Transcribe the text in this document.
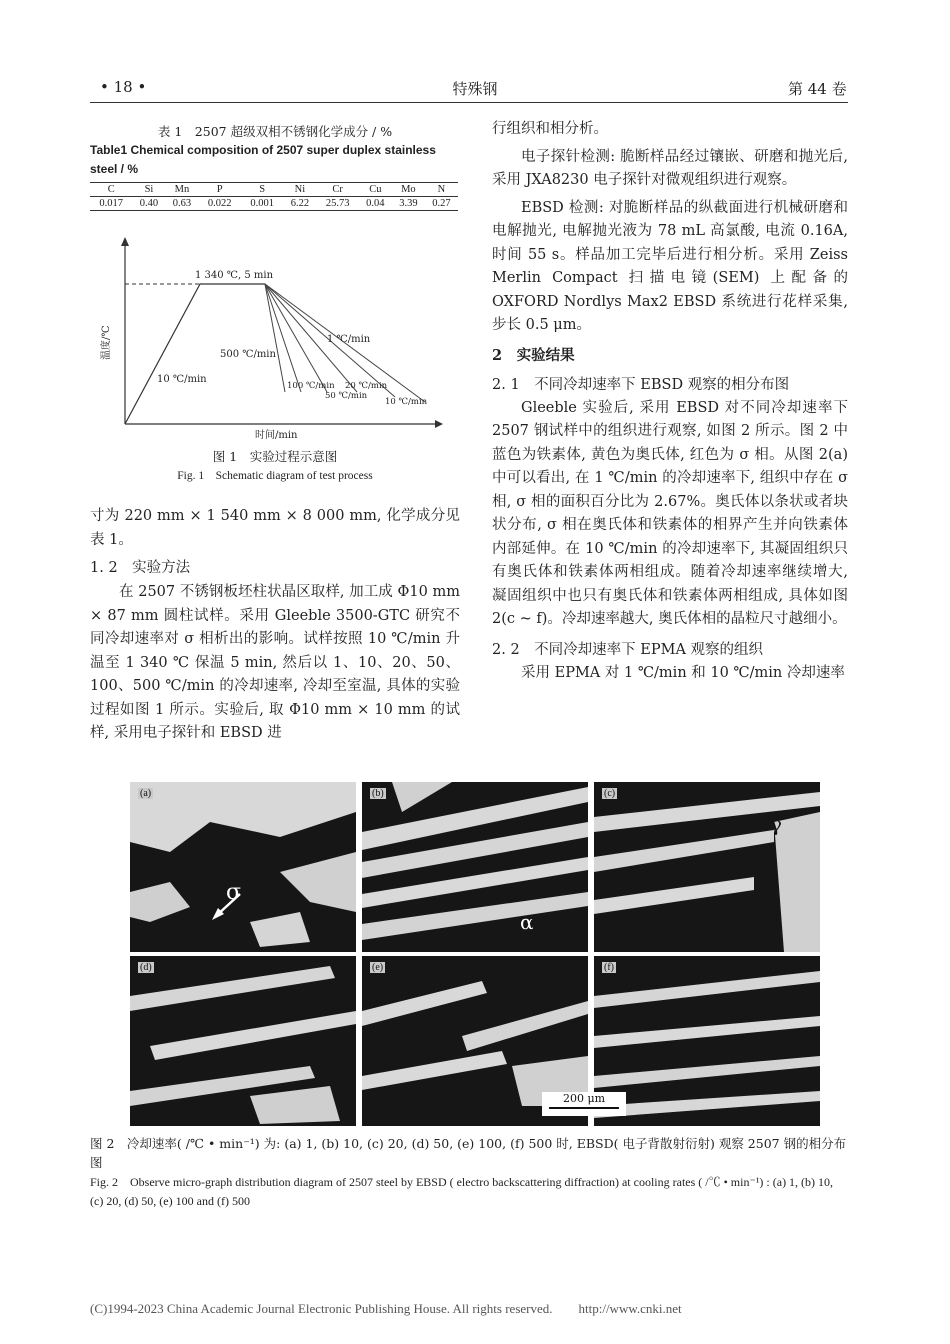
• 18 •	特殊钢	第 44 卷
表 1　2507 超级双相不锈钢化学成分 / %
Table1 Chemical composition of 2507 super duplex stainless steel / %
C	Si	Mn	P	S	Ni	Cr	Cu	Mo	N
0.017	0.40	0.63	0.022	0.001	6.22	25.73	0.04	3.39	0.27
1 340 ℃, 5 min
10 ℃/min
500 ℃/min
1 ℃/min
100 ℃/min
50 ℃/min
20 ℃/min
10 ℃/min
温度/℃
时间/min
图 1　实验过程示意图
Fig. 1　Schematic diagram of test process

寸为 220 mm × 1 540 mm × 8 000 mm, 化学成分见表 1。

1. 2　实验方法

在 2507 不锈钢板坯柱状晶区取样, 加工成 Φ10 mm × 87 mm 圆柱试样。采用 Gleeble 3500-GTC 研究不同冷却速率对 σ 相析出的影响。试样按照 10 ℃/min 升温至 1 340 ℃ 保温 5 min, 然后以 1、10、20、50、100、500 ℃/min 的冷却速率, 冷却至室温, 具体的实验过程如图 1 所示。实验后, 取 Φ10 mm × 10 mm 的试样, 采用电子探针和 EBSD 进

行组织和相分析。

电子探针检测: 脆断样品经过镶嵌、研磨和抛光后, 采用 JXA8230 电子探针对微观组织进行观察。

EBSD 检测: 对脆断样品的纵截面进行机械研磨和电解抛光, 电解抛光液为 78 mL 高氯酸, 电流 0.16A, 时间 55 s。样品加工完毕后进行相分析。采用 Zeiss Merlin Compact 扫描电镜(SEM) 上配备的 OXFORD Nordlys Max2 EBSD 系统进行花样采集, 步长 0.5 μm。

2　实验结果

2. 1　不同冷却速率下 EBSD 观察的相分布图

Gleeble 实验后, 采用 EBSD 对不同冷却速率下 2507 钢试样中的组织进行观察, 如图 2 所示。图 2 中蓝色为铁素体, 黄色为奥氏体, 红色为 σ 相。从图 2(a) 中可以看出, 在 1 ℃/min 的冷却速率下, 组织中存在 σ 相, σ 相的面积百分比为 2.67%。奥氏体以条状或者块状分布, σ 相在奥氏体和铁素体的相界产生并向铁素体内部延伸。在 10 ℃/min 的冷却速率下, 其凝固组织只有奥氏体和铁素体两相组成。随着冷却速率继续增大, 凝固组织中也只有奥氏体和铁素体两相组成, 具体如图 2(c ~ f)。冷却速率越大, 奥氏体相的晶粒尺寸越细小。

2. 2　不同冷却速率下 EPMA 观察的组织

采用 EPMA 对 1 ℃/min 和 10 ℃/min 冷却速率

(a)
σ
(b)
α
(c)
γ
(d)	(e)	(f)
200 μm
图 2　冷却速率( /℃ • min⁻¹) 为: (a) 1, (b) 10, (c) 20, (d) 50, (e) 100, (f) 500 时, EBSD( 电子背散射衍射) 观察 2507 钢的相分布图
Fig. 2　Observe micro-graph distribution diagram of 2507 steel by EBSD ( electro backscattering diffraction) at cooling rates ( /℃ • min⁻¹) : (a) 1, (b) 10, (c) 20, (d) 50, (e) 100 and (f) 500
(C)1994-2023 China Academic Journal Electronic Publishing House. All rights reserved.　　http://www.cnki.net
